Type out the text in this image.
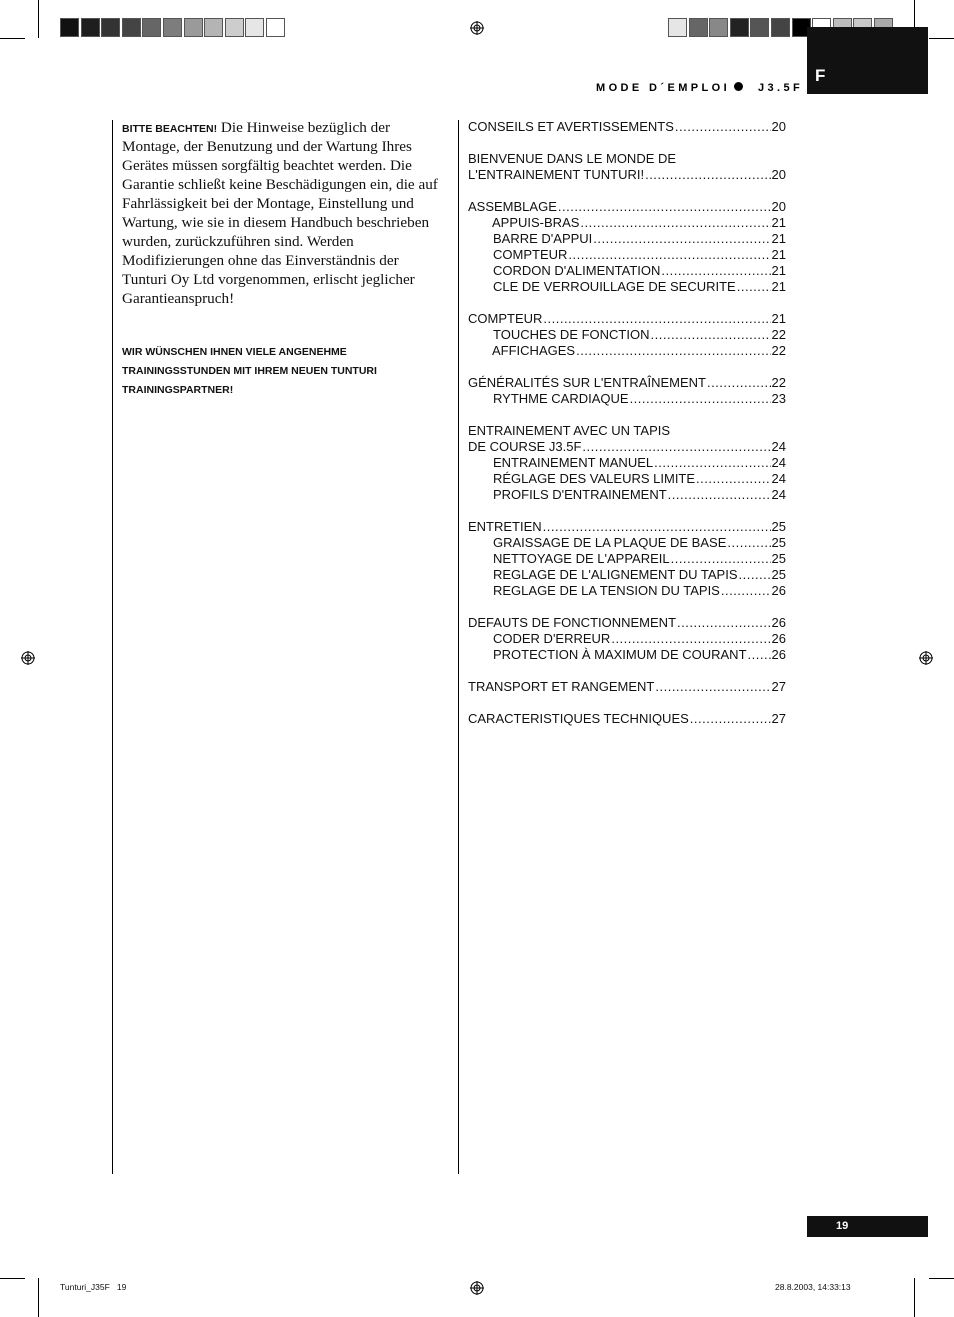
F
MODE D´EMPLOI	J3.5F
BITTE BEACHTEN! Die Hinweise bezüglich der Montage, der Benutzung und der Wartung Ihres Gerätes müssen sorgfältig beachtet werden. Die Garantie schließt keine Beschädigungen ein, die auf Fahrlässigkeit bei der Montage, Einstellung und Wartung, wie sie in diesem Handbuch beschrieben wurden, zurückzuführen sind. Werden Modifizierungen ohne das Einverständnis der Tunturi Oy Ltd vorgenommen, erlischt jeglicher Garantieanspruch!
WIR WÜNSCHEN IHNEN VIELE ANGENEHME TRAININGSSTUNDEN MIT IHREM NEUEN TUNTURI TRAININGSPARTNER!
CONSEILS ET AVERTISSEMENTS .....	20
BIENVENUE DANS LE MONDE DE
L'ENTRAINEMENT TUNTURI! .....	20
ASSEMBLAGE .....	20
APPUIS-BRAS .....	21
BARRE D'APPUI .....	21
COMPTEUR .....	21
CORDON D'ALIMENTATION .....	21
CLE DE VERROUILLAGE DE SECURITE .....	21
COMPTEUR .....	21
TOUCHES DE FONCTION .....	22
AFFICHAGES .....	22
GÉNÉRALITÉS SUR L'ENTRAÎNEMENT .....	22
RYTHME CARDIAQUE .....	23
ENTRAINEMENT AVEC UN TAPIS
DE COURSE J3.5F .....	24
ENTRAINEMENT MANUEL .....	24
RÉGLAGE DES VALEURS LIMITE .....	24
PROFILS D'ENTRAINEMENT .....	24
ENTRETIEN .....	25
GRAISSAGE DE LA PLAQUE DE BASE .....	25
NETTOYAGE DE L'APPAREIL .....	25
REGLAGE DE L'ALIGNEMENT DU TAPIS .....	25
REGLAGE DE LA TENSION DU TAPIS .....	26
DEFAUTS DE FONCTIONNEMENT .....	26
CODER D'ERREUR .....	26
PROTECTION À MAXIMUM DE COURANT ..... 26
TRANSPORT ET RANGEMENT .....	27
CARACTERISTIQUES TECHNIQUES .....	27
19
Tunturi_J35F   19	28.8.2003, 14:33:13
